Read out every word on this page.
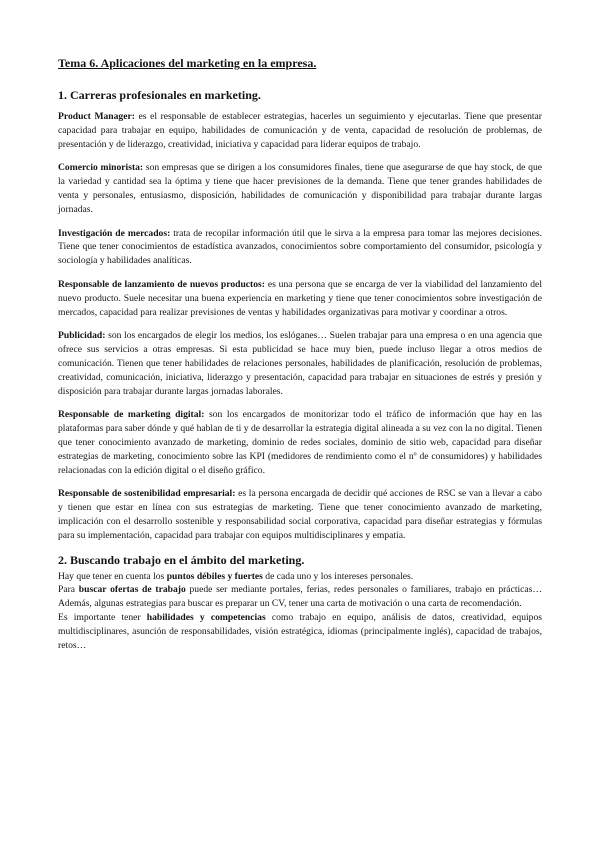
Tema 6. Aplicaciones del marketing en la empresa.
1. Carreras profesionales en marketing.

Product Manager: es el responsable de establecer estrategias, hacerles un seguimiento y ejecutarlas. Tiene que presentar capacidad para trabajar en equipo, habilidades de comunicación y de venta, capacidad de resolución de problemas, de presentación y de liderazgo, creatividad, iniciativa y capacidad para liderar equipos de trabajo.

Comercio minorista: son empresas que se dirigen a los consumidores finales, tiene que asegurarse de que hay stock, de que la variedad y cantidad sea la óptima y tiene que hacer previsiones de la demanda. Tiene que tener grandes habilidades de venta y personales, entusiasmo, disposición, habilidades de comunicación y disponibilidad para trabajar durante largas jornadas.

Investigación de mercados: trata de recopilar información útil que le sirva a la empresa para tomar las mejores decisiones. Tiene que tener conocimientos de estadística avanzados, conocimientos sobre comportamiento del consumidor, psicología y sociología y habilidades analíticas.

Responsable de lanzamiento de nuevos productos: es una persona que se encarga de ver la viabilidad del lanzamiento del nuevo producto. Suele necesitar una buena experiencia en marketing y tiene que tener conocimientos sobre investigación de mercados, capacidad para realizar previsiones de ventas y habilidades organizativas para motivar y coordinar a otros.

Publicidad: son los encargados de elegir los medios, los eslóganes… Suelen trabajar para una empresa o en una agencia que ofrece sus servicios a otras empresas. Si esta publicidad se hace muy bien, puede incluso llegar a otros medios de comunicación. Tienen que tener habilidades de relaciones personales, habilidades de planificación, resolución de problemas, creatividad, comunicación, iniciativa, liderazgo y presentación, capacidad para trabajar en situaciones de estrés y presión y disposición para trabajar durante largas jornadas laborales.

Responsable de marketing digital: son los encargados de monitorizar todo el tráfico de información que hay en las plataformas para saber dónde y qué hablan de ti y de desarrollar la estrategia digital alineada a su vez con la no digital. Tienen que tener conocimiento avanzado de marketing, dominio de redes sociales, dominio de sitio web, capacidad para diseñar estrategias de marketing, conocimiento sobre las KPI (medidores de rendimiento como el nº de consumidores) y habilidades relacionadas con la edición digital o el diseño gráfico.

Responsable de sostenibilidad empresarial: es la persona encargada de decidir qué acciones de RSC se van a llevar a cabo y tienen que estar en línea con sus estrategias de marketing. Tiene que tener conocimiento avanzado de marketing, implicación con el desarrollo sostenible y responsabilidad social corporativa, capacidad para diseñar estrategias y fórmulas para su implementación, capacidad para trabajar con equipos multidisciplinares y empatía.

2. Buscando trabajo en el ámbito del marketing.

Hay que tener en cuenta los puntos débiles y fuertes de cada uno y los intereses personales.

Para buscar ofertas de trabajo puede ser mediante portales, ferias, redes personales o familiares, trabajo en prácticas… Además, algunas estrategias para buscar es preparar un CV, tener una carta de motivación o una carta de recomendación.

Es importante tener habilidades y competencias como trabajo en equipo, análisis de datos, creatividad, equipos multidisciplinares, asunción de responsabilidades, visión estratégica, idiomas (principalmente inglés), capacidad de trabajos, retos…
